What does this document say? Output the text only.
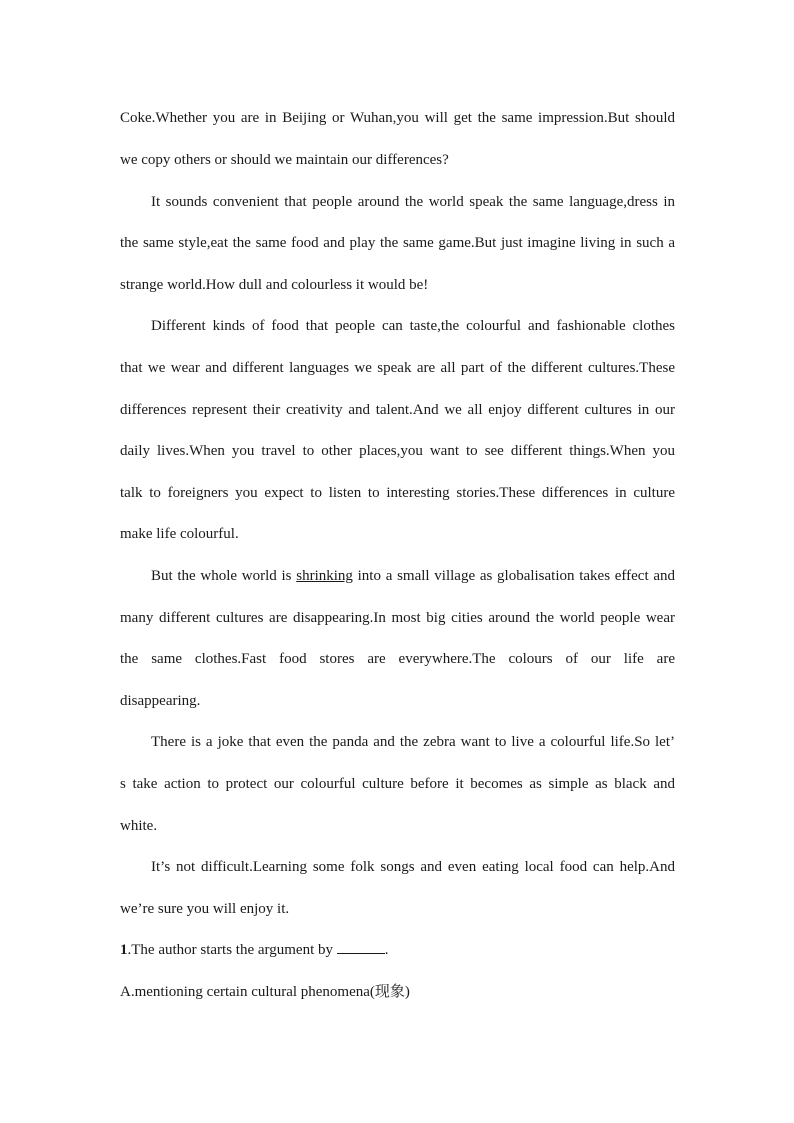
Coke.Whether you are in Beijing or Wuhan,you will get the same impression.But should
we copy others or should we maintain our differences?
It sounds convenient that people around the world speak the same language,dress in
the same style,eat the same food and play the same game.But just imagine living in such a
strange world.How dull and colourless it would be!
Different kinds of food that people can taste,the colourful and fashionable clothes
that we wear and different languages we speak are all part of the different cultures.These
differences represent their creativity and talent.And we all enjoy different cultures in our
daily lives.When you travel to other places,you want to see different things.When you
talk to foreigners you expect to listen to interesting stories.These differences in culture
make life colourful.
But the whole world is shrinking into a small village as globalisation takes effect and
many different cultures are disappearing.In most big cities around the world people wear
the same clothes.Fast food stores are everywhere.The colours of our life are
disappearing.
There is a joke that even the panda and the zebra want to live a colourful life.So let’
s take action to protect our colourful culture before it becomes as simple as black and
white.
It’s not difficult.Learning some folk songs and even eating local food can help.And
we’re sure you will enjoy it.
1.The author starts the argument by	.
A.mentioning certain cultural phenomena(现象)
